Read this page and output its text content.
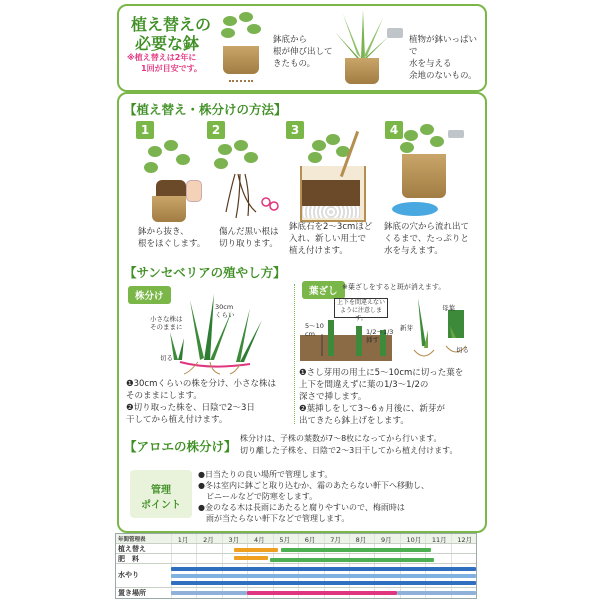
植え替えの
必要な鉢
※植え替えは2年に
1回が目安です。
鉢底から
根が伸び出して
きたもの。
植物が鉢いっぱいで
水を与える
余地のないもの。
【植え替え・株分けの方法】
1
鉢から抜き、
根をほぐします。
2
傷んだ黒い根は
切り取ります。
3
鉢底石を2～3cmほど
入れ、新しい用土で
植え付けます。
4
鉢底の穴から流れ出て
くるまで、たっぷりと
水を与えます。
【サンセベリアの殖やし方】
株分け
小さな株は
そのままに
30cm
くらい
切る
❶30cmくらいの株を分け、小さな株は
そのままにします。
❷切り取った株を、日陰で2～3日
干してから植え付けます。
葉ざし ※葉ざしをすると斑が消えます。
上下を間違えない
ように注意します。
5～10
cm	1/2～1/3
挿す
新芽
母葉
切る
❶さし芽用の用土に5～10cmに切った葉を
上下を間違えずに葉の1/3～1/2の
深さで挿します。
❷葉挿しをして3～6ヵ月後に、新芽が
出てきたら鉢上げをします。
【アロエの株分け】
株分けは、子株の葉数が7～8枚になってから行います。
切り離した子株を、日陰で2～3日干してから植え付けます。
管理
ポイント
●日当たりの良い場所で管理します。
●冬は室内に鉢ごと取り込むか、霜のあたらない軒下へ移動し、
　ビニールなどで防寒をします。
●金のなる木は長雨にあたると腐りやすいので、梅雨時は
　雨が当たらない軒下などで管理します。
年間管理表	1月 2月 3月 4月 5月 6月 7月 8月 9月 10月 11月 12月
植え替え
肥　料
水やり
置き場所
